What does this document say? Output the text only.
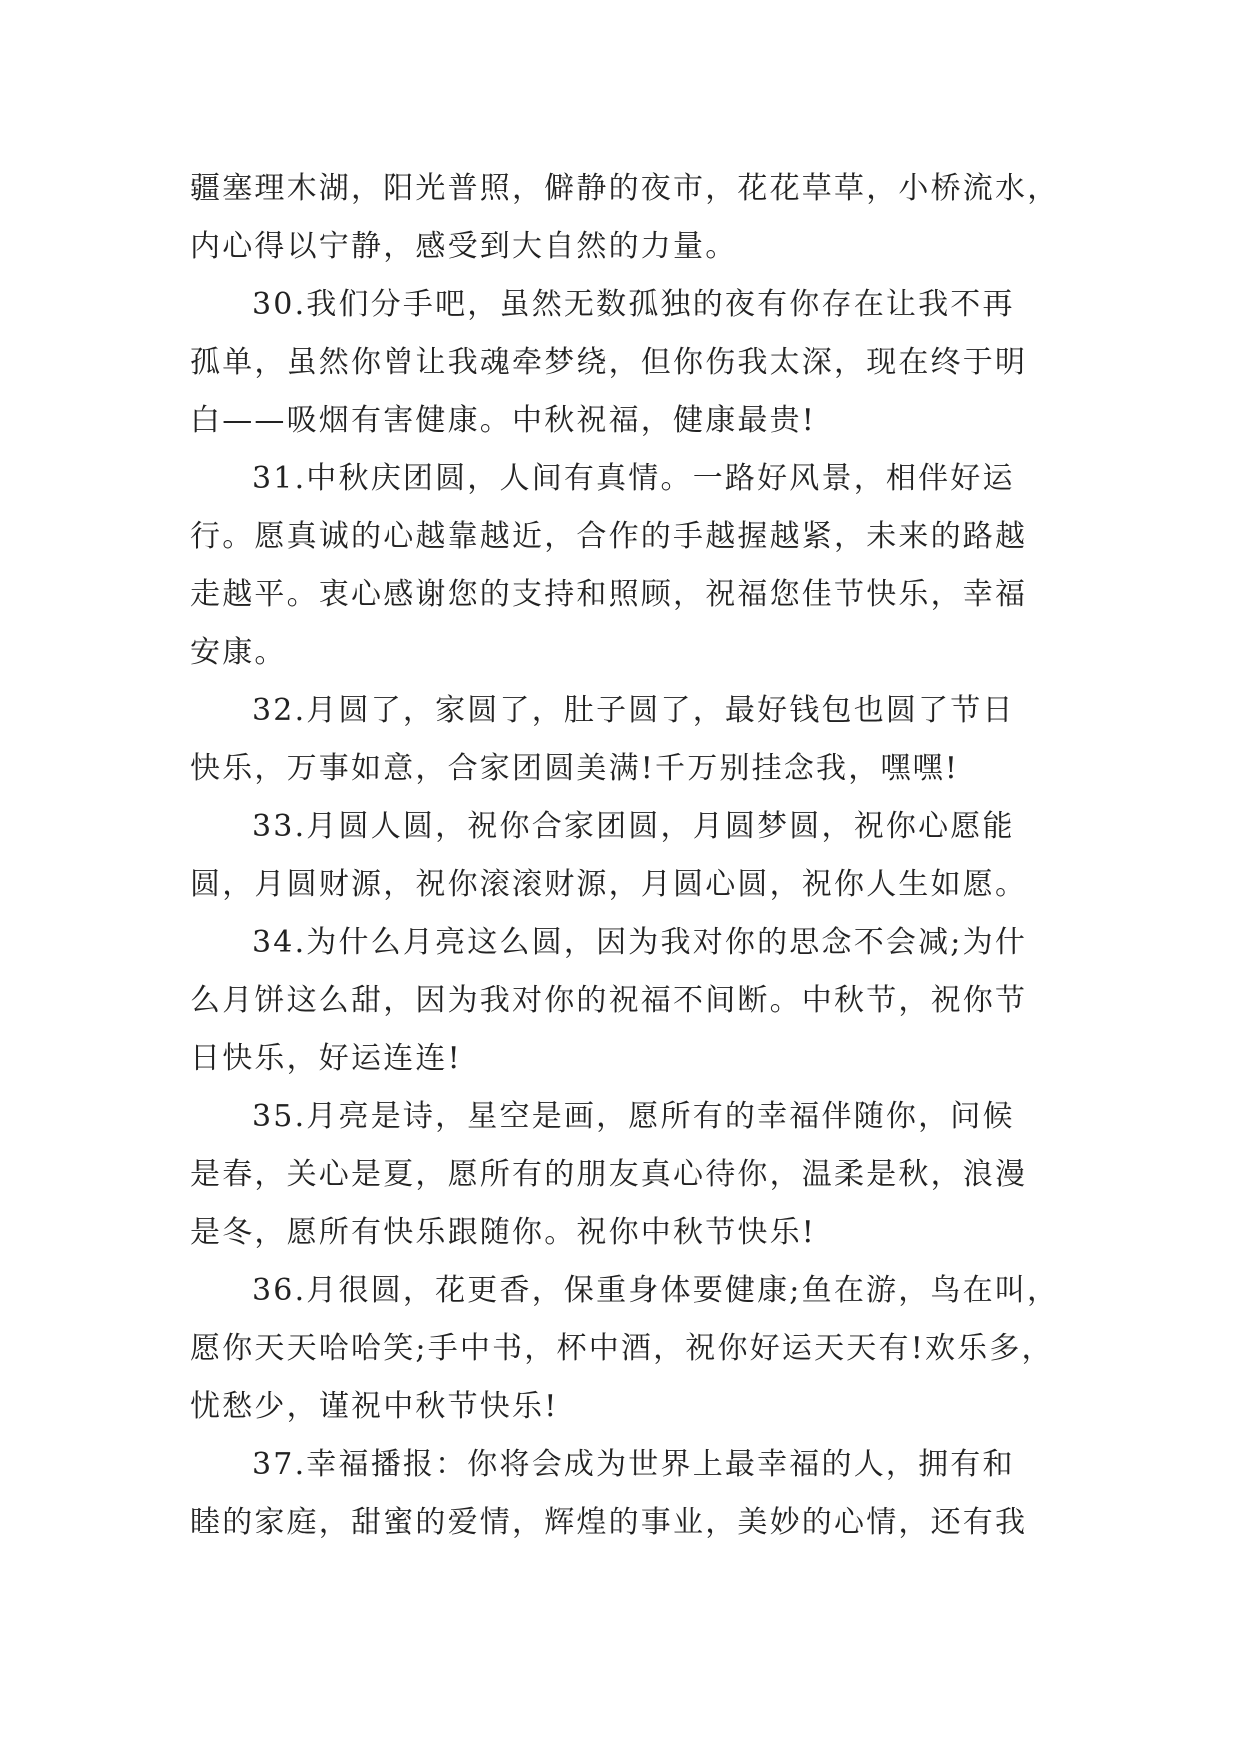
疆塞理木湖，阳光普照，僻静的夜市，花花草草，小桥流水，
内心得以宁静，感受到大自然的力量。

30.我们分手吧，虽然无数孤独的夜有你存在让我不再
孤单，虽然你曾让我魂牵梦绕，但你伤我太深，现在终于明
白——吸烟有害健康。中秋祝福，健康最贵!

31.中秋庆团圆，人间有真情。一路好风景，相伴好运
行。愿真诚的心越靠越近，合作的手越握越紧，未来的路越
走越平。衷心感谢您的支持和照顾，祝福您佳节快乐，幸福
安康。

32.月圆了，家圆了，肚子圆了，最好钱包也圆了节日
快乐，万事如意，合家团圆美满!千万别挂念我，嘿嘿!

33.月圆人圆，祝你合家团圆，月圆梦圆，祝你心愿能
圆，月圆财源，祝你滚滚财源，月圆心圆，祝你人生如愿。

34.为什么月亮这么圆，因为我对你的思念不会减;为什
么月饼这么甜，因为我对你的祝福不间断。中秋节，祝你节
日快乐，好运连连!

35.月亮是诗，星空是画，愿所有的幸福伴随你，问候
是春，关心是夏，愿所有的朋友真心待你，温柔是秋，浪漫
是冬，愿所有快乐跟随你。祝你中秋节快乐!

36.月很圆，花更香，保重身体要健康;鱼在游，鸟在叫，
愿你天天哈哈笑;手中书，杯中酒，祝你好运天天有!欢乐多，
忧愁少，谨祝中秋节快乐!

37.幸福播报：你将会成为世界上最幸福的人，拥有和
睦的家庭，甜蜜的爱情，辉煌的事业，美妙的心情，还有我
